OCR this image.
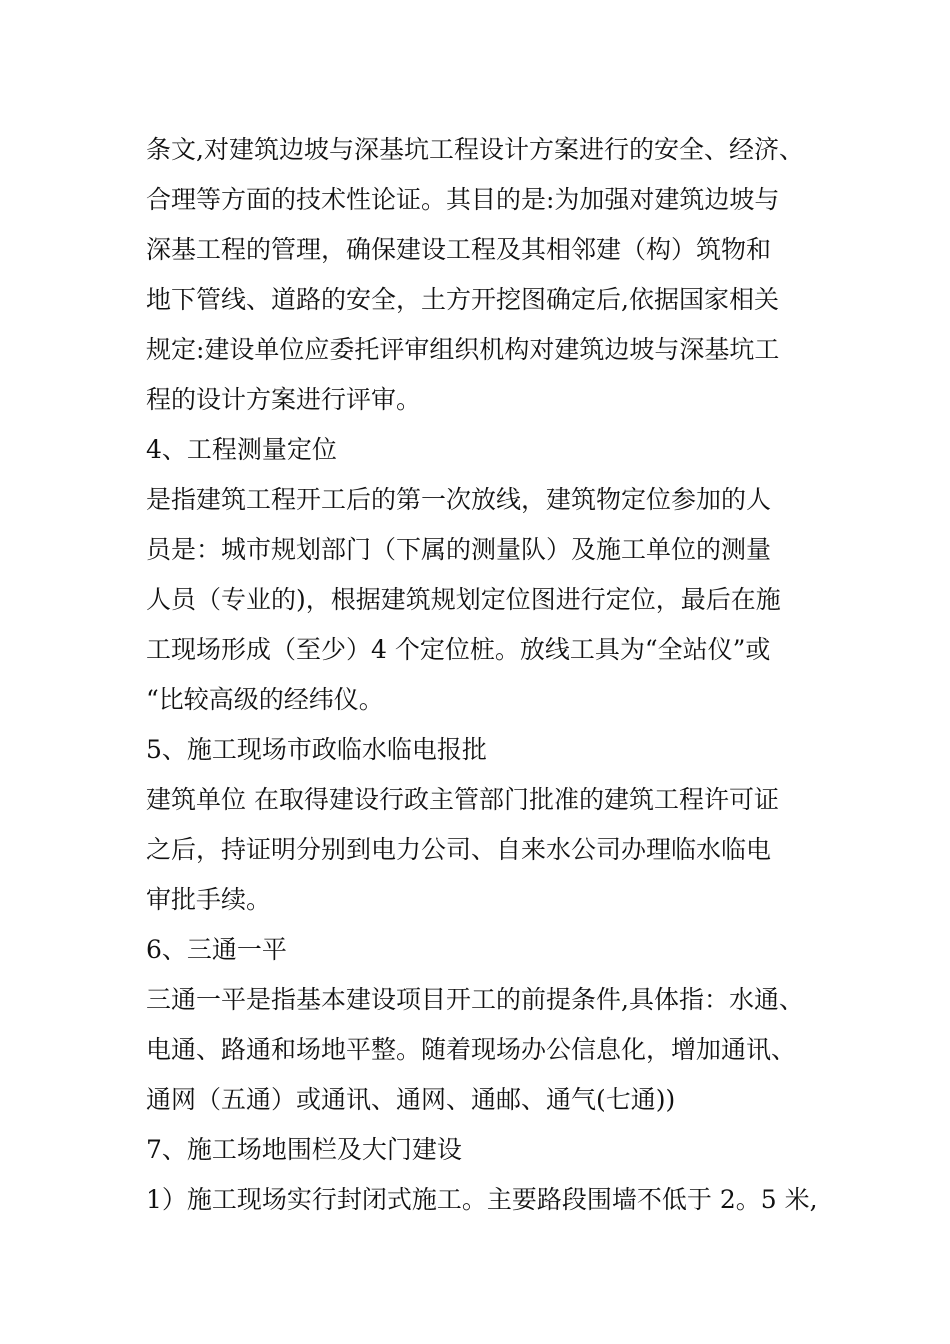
条文,对建筑边坡与深基坑工程设计方案进行的安全、经济、
合理等方面的技术性论证。其目的是:为加强对建筑边坡与
深基工程的管理，确保建设工程及其相邻建（构）筑物和
地下管线、道路的安全，土方开挖图确定后,依据国家相关
规定:建设单位应委托评审组织机构对建筑边坡与深基坑工
程的设计方案进行评审。
4、工程测量定位
是指建筑工程开工后的第一次放线，建筑物定位参加的人
员是：城市规划部门（下属的测量队）及施工单位的测量
人员（专业的)，根据建筑规划定位图进行定位，最后在施
工现场形成（至少）4 个定位桩。放线工具为“全站仪”或
“比较高级的经纬仪。
5、施工现场市政临水临电报批
建筑单位 在取得建设行政主管部门批准的建筑工程许可证
之后，持证明分别到电力公司、自来水公司办理临水临电
审批手续。
6、三通一平
三通一平是指基本建设项目开工的前提条件,具体指：水通、
电通、路通和场地平整。随着现场办公信息化，增加通讯、
通网（五通）或通讯、通网、通邮、通气(七通))
7、施工场地围栏及大门建设
1）施工现场实行封闭式施工。主要路段围墙不低于 2。5 米,
